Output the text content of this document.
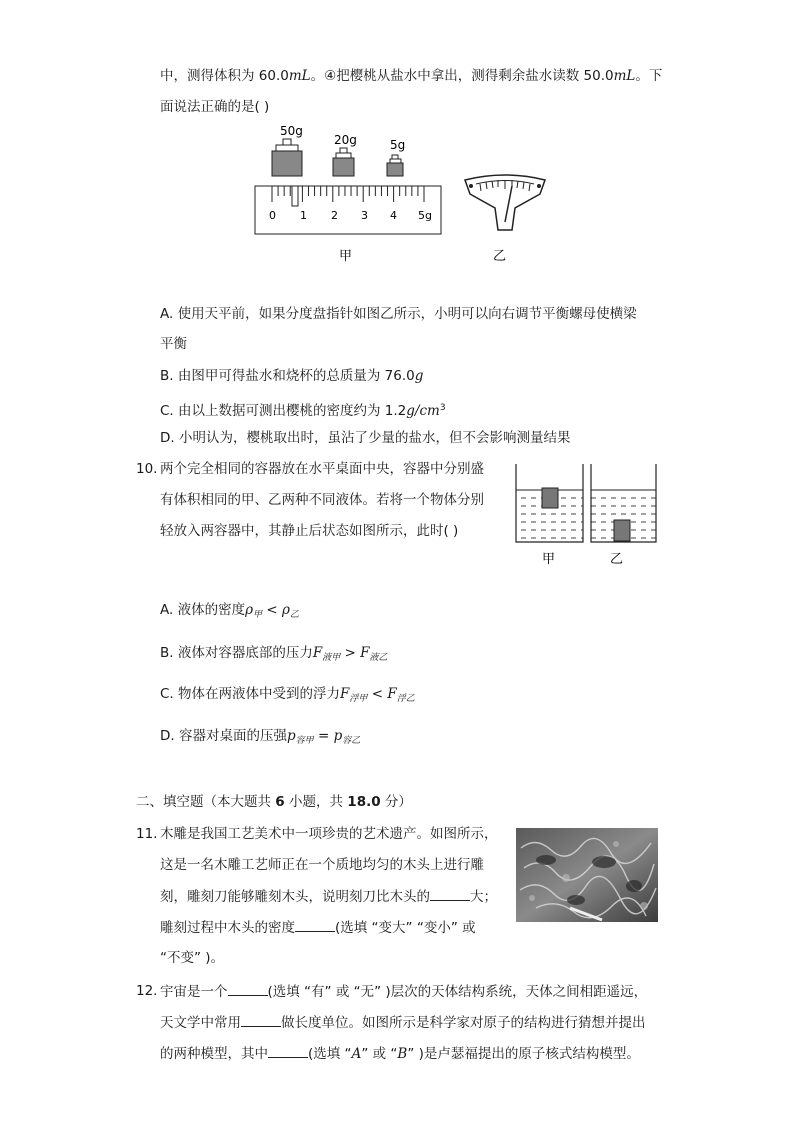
中，测得体积为 60.0mL。④把樱桃从盐水中拿出，测得剩余盐水读数 50.0mL。下
面说法正确的是( )
50g
20g	5g
0 1 2 3 4 5g
甲	乙
A. 使用天平前，如果分度盘指针如图乙所示，小明可以向右调节平衡螺母使横梁
平衡
B. 由图甲可得盐水和烧杯的总质量为 76.0g
C. 由以上数据可测出樱桃的密度约为 $1.2g/cm^3$
D. 小明认为，樱桃取出时，虽沾了少量的盐水，但不会影响测量结果
10. 两个完全相同的容器放在水平桌面中央，容器中分别盛
有体积相同的甲、乙两种不同液体。若将一个物体分别
轻放入两容器中，其静止后状态如图所示，此时( )
甲	乙
A. 液体的密度$\rho_甲 < \rho_乙$
B. 液体对容器底部的压力$F_{液甲} > F_{液乙}$
C. 物体在两液体中受到的浮力$F_{浮甲} < F_{浮乙}$
D. 容器对桌面的压强$p_{容甲} = p_{容乙}$
二、填空题（本大题共 6 小题，共 18.0 分）
11. 木雕是我国工艺美术中一项珍贵的艺术遗产。如图所示，
这是一名木雕工艺师正在一个质地均匀的木头上进行雕
刻，雕刻刀能够雕刻木头，说明刻刀比木头的	大；
雕刻过程中木头的密度	(选填 “变大” “变小” 或
“不变” )。
12. 宇宙是一个	(选填 “有” 或 “无” )层次的天体结构系统，天体之间相距遥远，
天文学中常用	做长度单位。如图所示是科学家对原子的结构进行猜想并提出
的两种模型，其中	(选填 “A” 或 “B” )是卢瑟福提出的原子核式结构模型。
